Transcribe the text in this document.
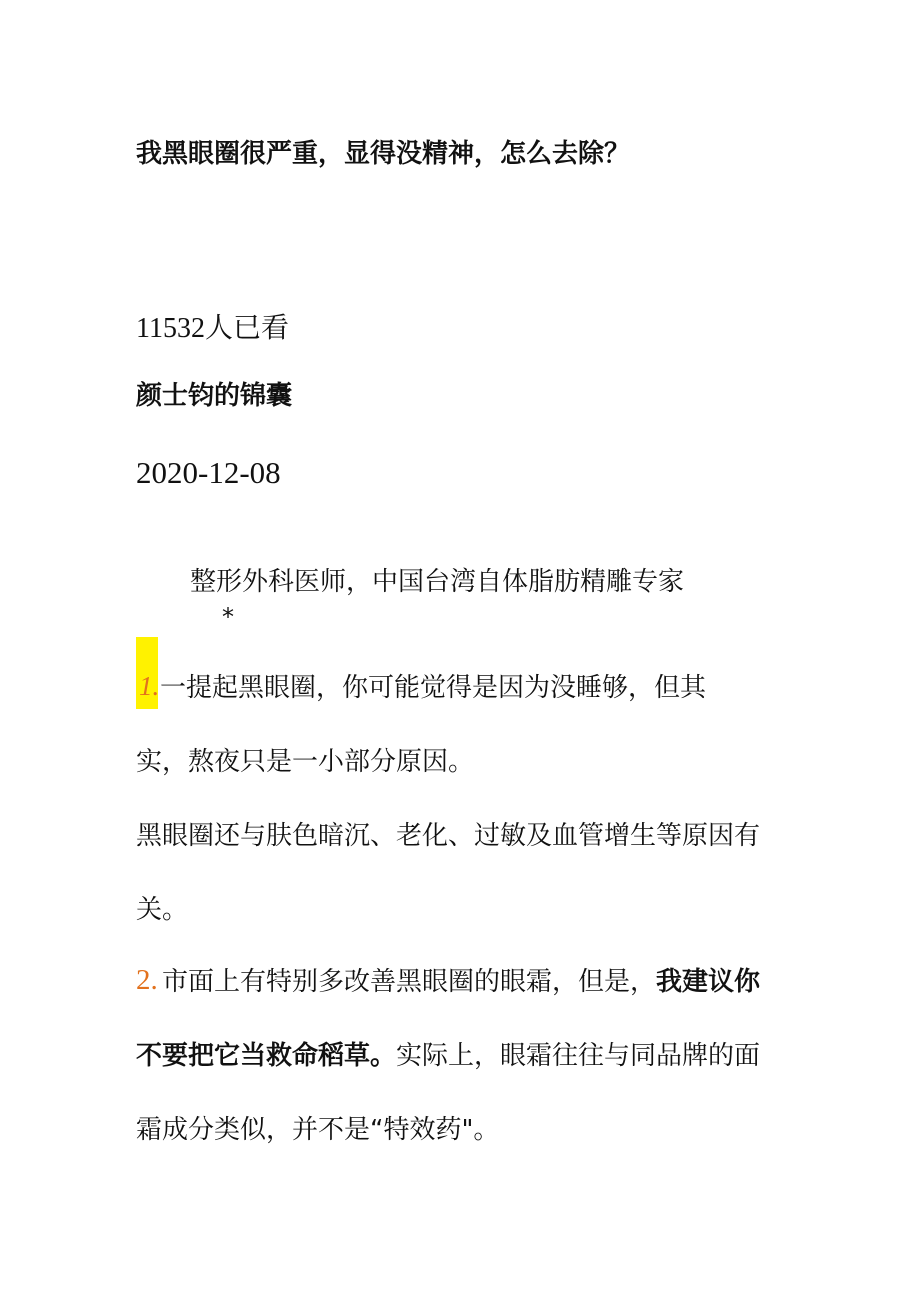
我黑眼圈很严重，显得没精神，怎么去除？
11532人已看
颜士钧的锦囊
2020-12-08
整形外科医师，中国台湾自体脂肪精雕专家
*
1. 一提起黑眼圈，你可能觉得是因为没睡够，但其
实，熬夜只是一小部分原因。
黑眼圈还与肤色暗沉、老化、过敏及血管增生等原因有
关。
2. 市面上有特别多改善黑眼圈的眼霜，但是，我建议你
不要把它当救命稻草。实际上，眼霜往往与同品牌的面
霜成分类似，并不是“特效药"。
